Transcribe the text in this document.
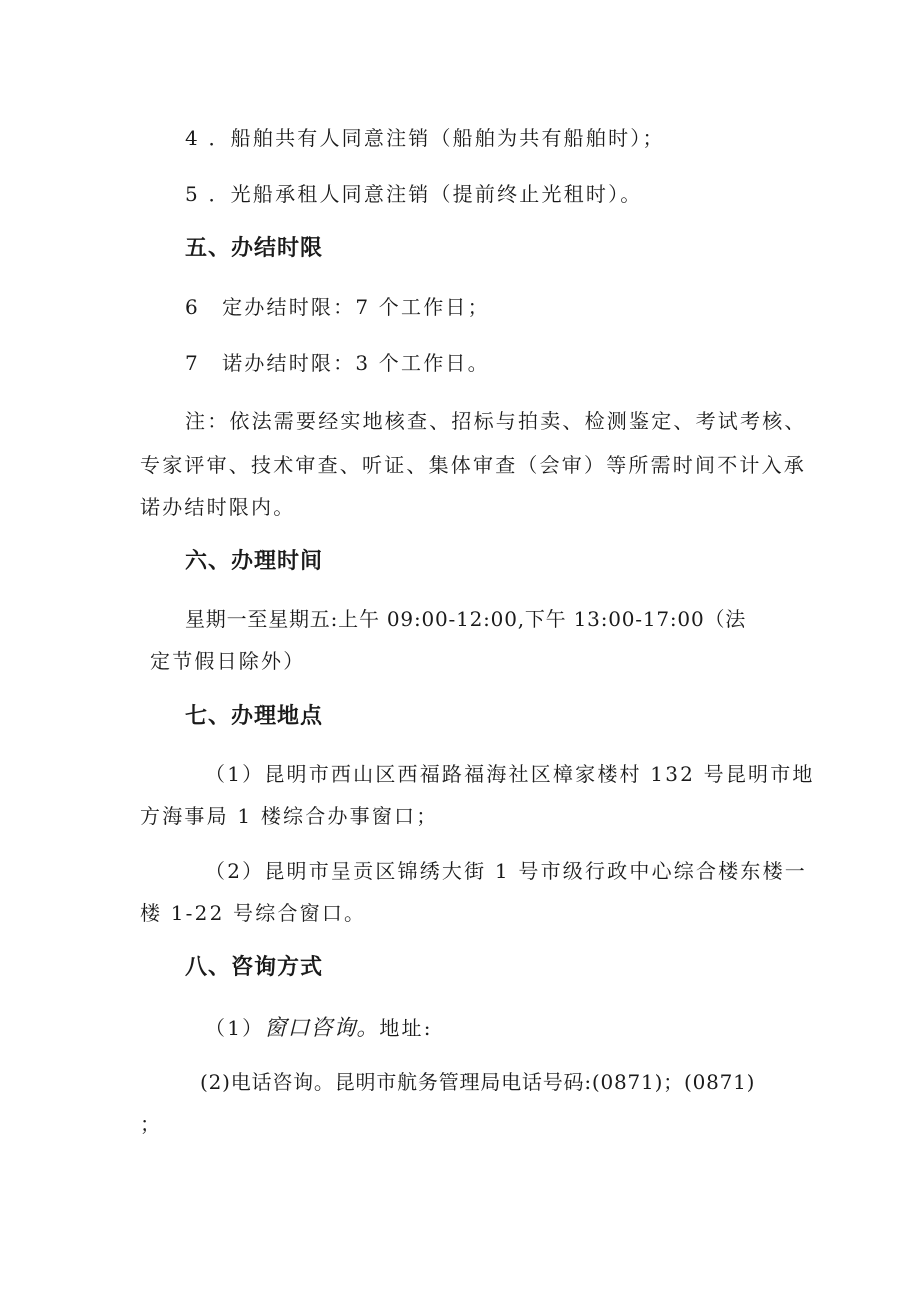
4 ．船舶共有人同意注销（船舶为共有船舶时）；
5 ．光船承租人同意注销（提前终止光租时）。
五、办结时限
6　定办结时限：7 个工作日；
7　诺办结时限：3 个工作日。
注：依法需要经实地核查、招标与拍卖、检测鉴定、考试考核、
专家评审、技术审查、听证、集体审查（会审）等所需时间不计入承
诺办结时限内。
六、办理时间
星期一至星期五:上午 09:00-12:00,下午 13:00-17:00（法
定节假日除外）
七、办理地点
（1）昆明市西山区西福路福海社区樟家楼村 132 号昆明市地
方海事局 1 楼综合办事窗口；
（2）昆明市呈贡区锦绣大街 1 号市级行政中心综合楼东楼一
楼 1-22 号综合窗口。
八、咨询方式
（1）窗口咨询。地址:
(2)电话咨询。昆明市航务管理局电话号码:(0871)；(0871)
；
